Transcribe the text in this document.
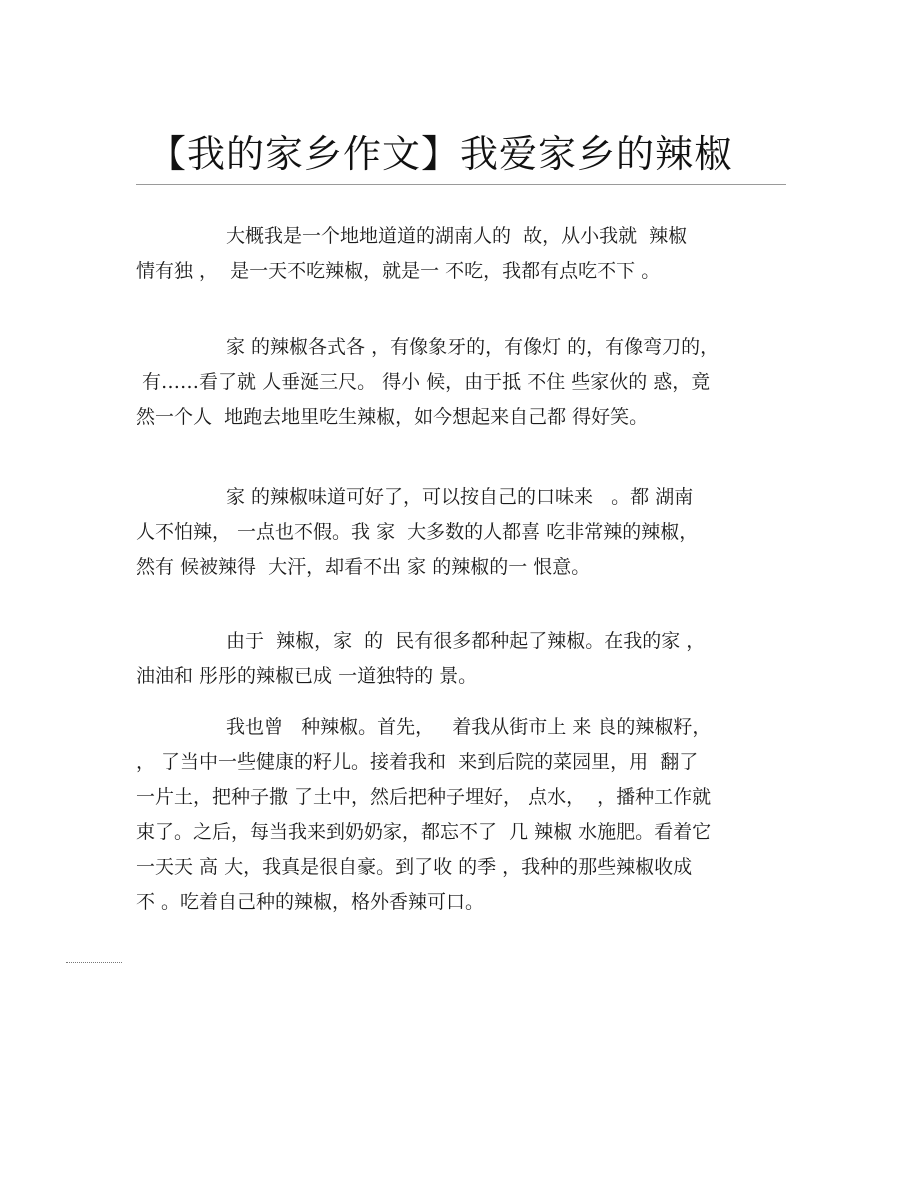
【我的家乡作文】我爱家乡的辣椒
大概我是一个地地道道的湖南人的  故，从小我就  辣椒
情有独 ，  是一天不吃辣椒，就是一 不吃，我都有点吃不下 。
家 的辣椒各式各 ，有像象牙的，有像灯 的，有像弯刀的，
有……看了就 人垂涎三尺。 得小 候，由于抵 不住 些家伙的 惑，竟
然一个人  地跑去地里吃生辣椒，如今想起来自己都 得好笑。
家 的辣椒味道可好了，可以按自己的口味来   。都 湖南
人不怕辣， 一点也不假。我 家  大多数的人都喜 吃非常辣的辣椒，
然有 候被辣得  大汗，却看不出 家 的辣椒的一 恨意。
由于  辣椒，家  的  民有很多都种起了辣椒。在我的家 ，
油油和 彤彤的辣椒已成 一道独特的 景。
我也曾   种辣椒。首先，   着我从街市上 来 良的辣椒籽，
， 了当中一些健康的籽儿。接着我和  来到后院的菜园里，用  翻了
一片土，把种子撒 了土中，然后把种子埋好， 点水，  ，播种工作就
束了。之后，每当我来到奶奶家，都忘不了  几 辣椒 水施肥。看着它
一天天 高 大，我真是很自豪。到了收 的季 ，我种的那些辣椒收成
不 。吃着自己种的辣椒，格外香辣可口。
